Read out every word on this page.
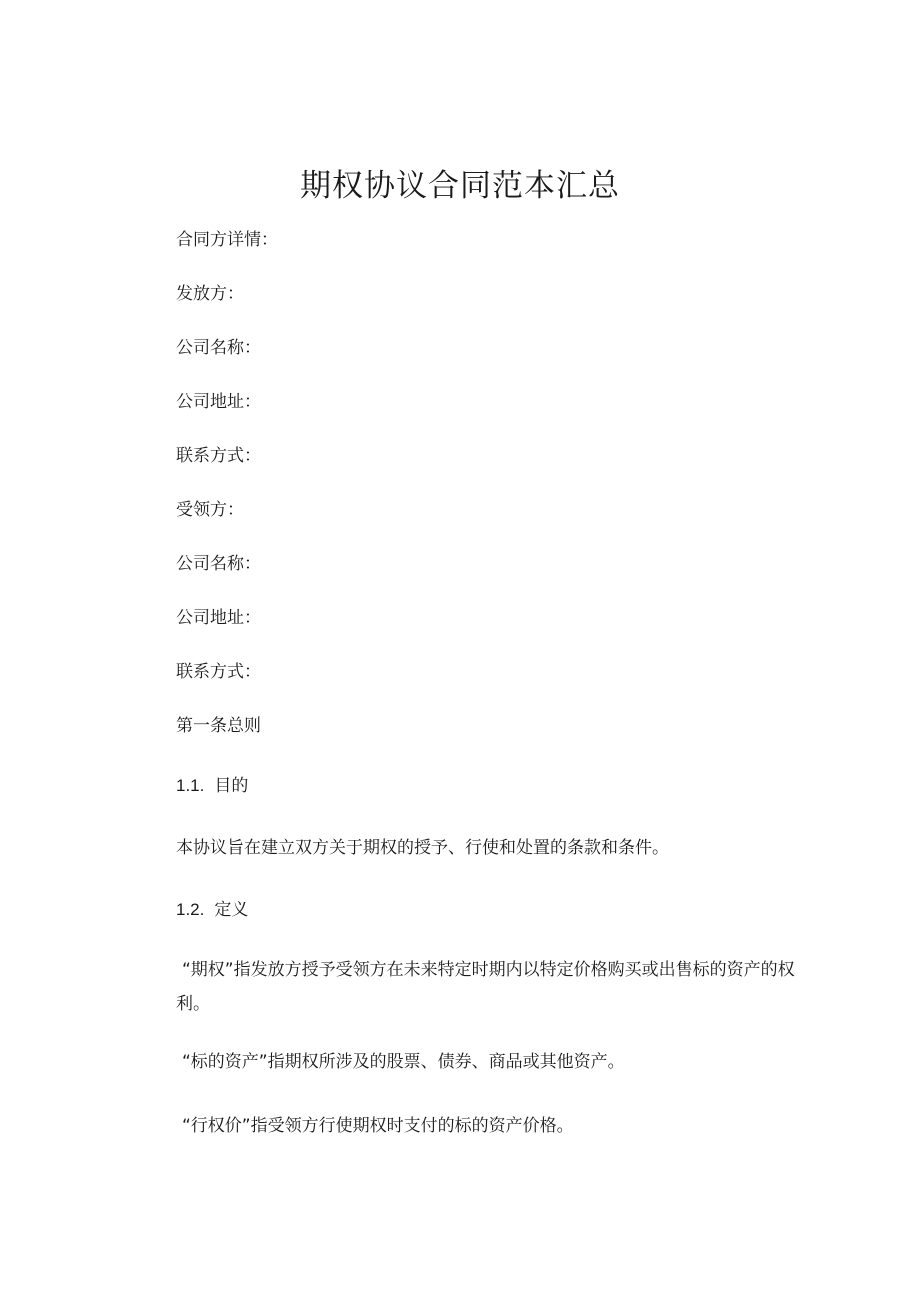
期权协议合同范本汇总

合同方详情：

发放方：

公司名称：

公司地址：

联系方式：

受领方：

公司名称：

公司地址：

联系方式：

第一条总则

1.1. 目的

本协议旨在建立双方关于期权的授予、行使和处置的条款和条件。

1.2. 定义

“期权”指发放方授予受领方在未来特定时期内以特定价格购买或出售标的资产的权利。

“标的资产”指期权所涉及的股票、债券、商品或其他资产。

“行权价”指受领方行使期权时支付的标的资产价格。
